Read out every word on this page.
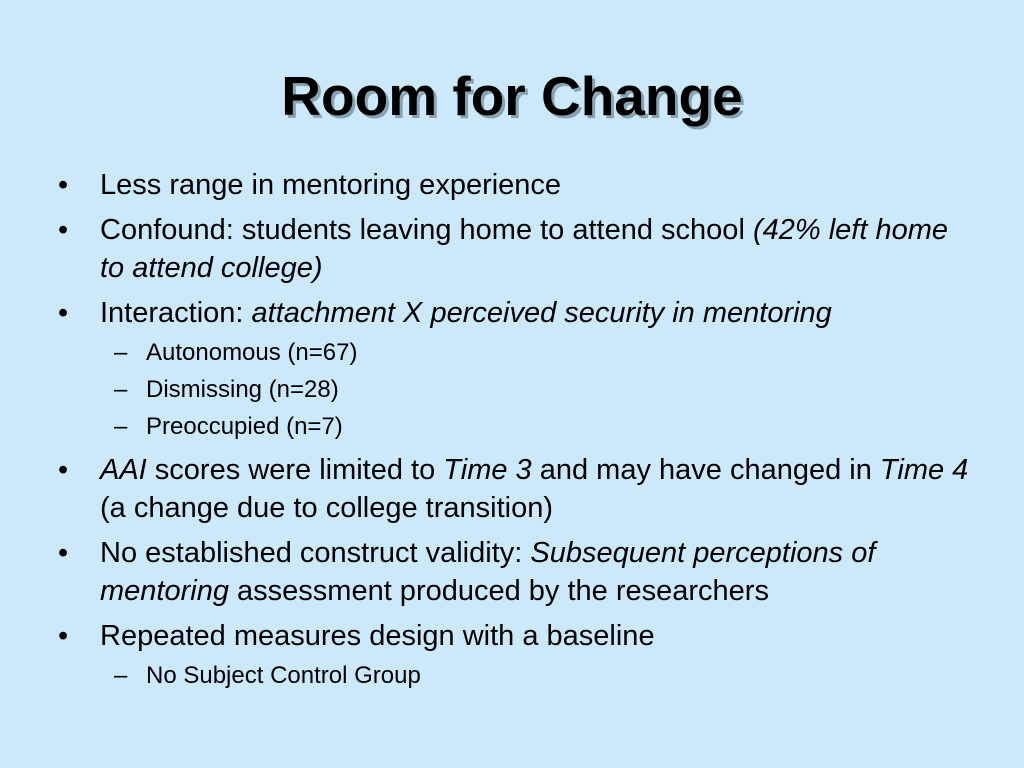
Room for Change
• Less range in mentoring experience
• Confound: students leaving home to attend school (42% left home to attend college)
• Interaction: attachment X perceived security in mentoring
– Autonomous (n=67)
– Dismissing (n=28)
– Preoccupied (n=7)
• AAI scores were limited to Time 3 and may have changed in Time 4 (a change due to college transition)
• No established construct validity: Subsequent perceptions of mentoring assessment produced by the researchers
• Repeated measures design with a baseline
– No Subject Control Group
